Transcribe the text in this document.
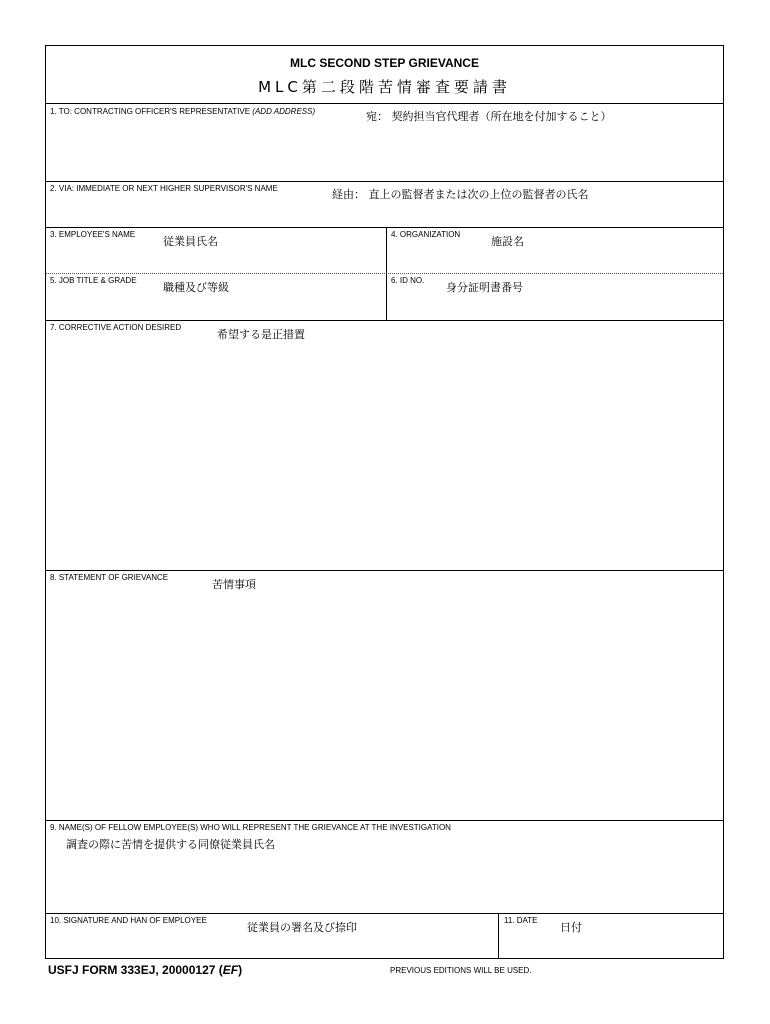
MLC SECOND STEP GRIEVANCE
MLC第二段階苦情審査要請書
1. TO: CONTRACTING OFFICER'S REPRESENTATIVE (ADD ADDRESS)	宛： 契約担当官代理者（所在地を付加すること）
2. VIA: IMMEDIATE OR NEXT HIGHER SUPERVISOR'S NAME	経由： 直上の監督者または次の上位の監督者の氏名
3. EMPLOYEE'S NAME
従業員氏名
4. ORGANIZATION
施設名
5. JOB TITLE & GRADE
職種及び等級
6. ID NO.
身分証明書番号
7. CORRECTIVE ACTION DESIRED
希望する是正措置
8. STATEMENT OF GRIEVANCE
苦情事項
9. NAME(S) OF FELLOW EMPLOYEE(S) WHO WILL REPRESENT THE GRIEVANCE AT THE INVESTIGATION
調査の際に苦情を提供する同僚従業員氏名
10. SIGNATURE AND HAN OF EMPLOYEE
従業員の署名及び捺印
11. DATE
日付
USFJ FORM 333EJ, 20000127 (EF)	PREVIOUS EDITIONS WILL BE USED.
